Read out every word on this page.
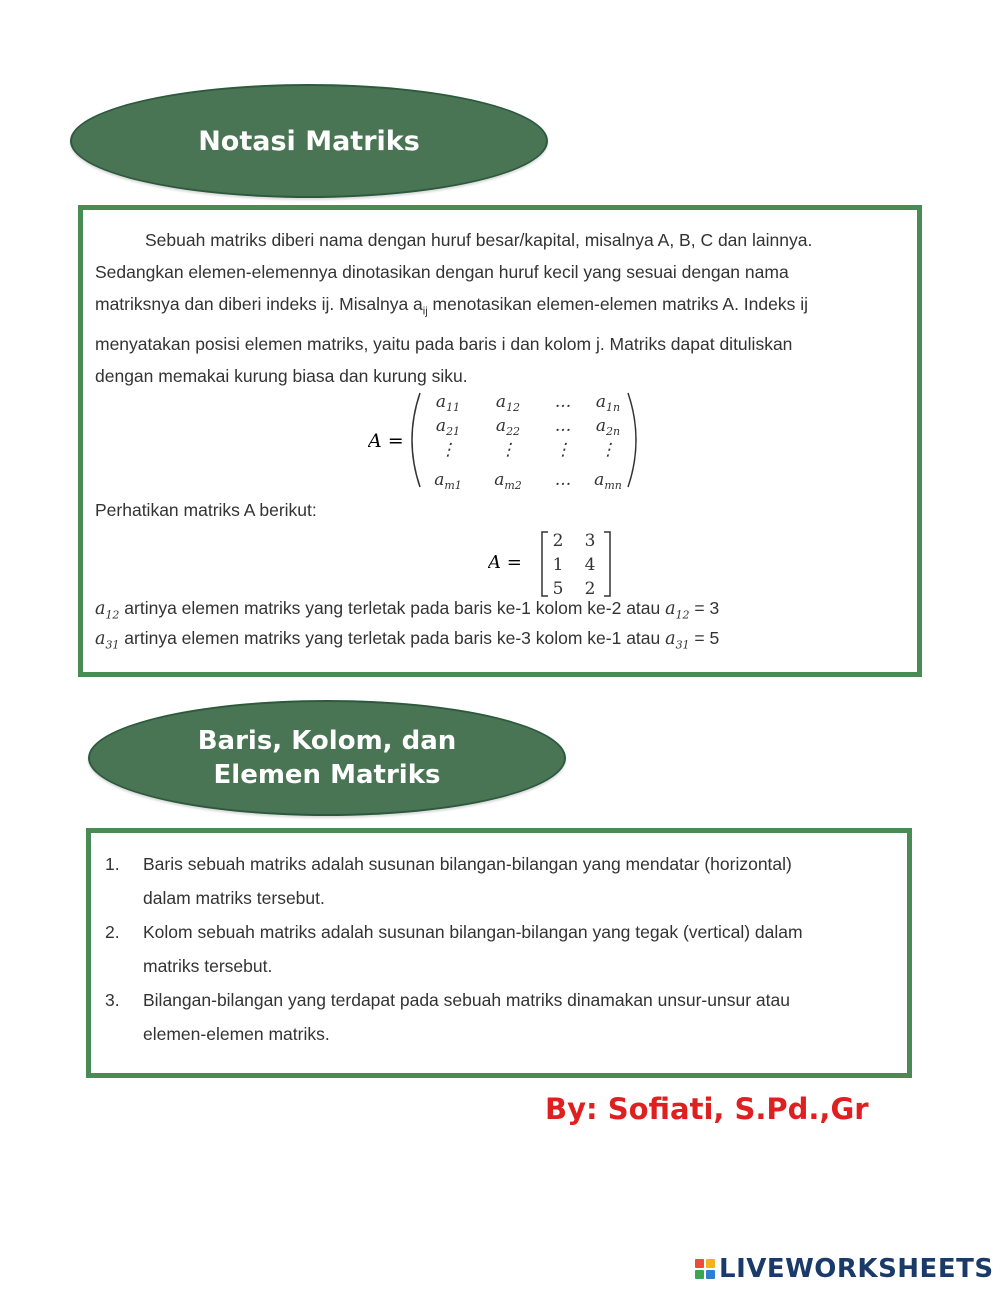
Notasi Matriks
Sebuah matriks diberi nama dengan huruf besar/kapital, misalnya A, B, C dan lainnya.
Sedangkan elemen-elemennya dinotasikan dengan huruf kecil yang sesuai dengan nama
matriksnya dan diberi indeks ij. Misalnya $a_{ij}$ menotasikan elemen-elemen matriks A. Indeks ij
menyatakan posisi elemen matriks, yaitu pada baris i dan kolom j. Matriks dapat dituliskan
dengan memakai kurung biasa dan kurung siku.
A =
$a_{11}$ $a_{12}$ ... $a_{1n}$
$a_{21}$ $a_{22}$ ... $a_{2n}$
⋮	⋮ ⋮ ⋮
$a_{m1}$ $a_{m2}$ ... $a_{mn}$
Perhatikan matriks A berikut:
A =
2 3
1 4
5 2
$a_{12}$ artinya elemen matriks yang terletak pada baris ke-1 kolom ke-2 atau $a_{12} = 3$
$a_{31}$ artinya elemen matriks yang terletak pada baris ke-3 kolom ke-1 atau $a_{31} = 5$
Baris, Kolom, dan
Elemen Matriks
1.	Baris sebuah matriks adalah susunan bilangan-bilangan yang mendatar (horizontal)
dalam matriks tersebut.
2.	Kolom sebuah matriks adalah susunan bilangan-bilangan yang tegak (vertical) dalam
matriks tersebut.
3.	Bilangan-bilangan yang terdapat pada sebuah matriks dinamakan unsur-unsur atau
elemen-elemen matriks.
By: Sofiati, S.Pd.,Gr
LIVEWORKSHEETS
